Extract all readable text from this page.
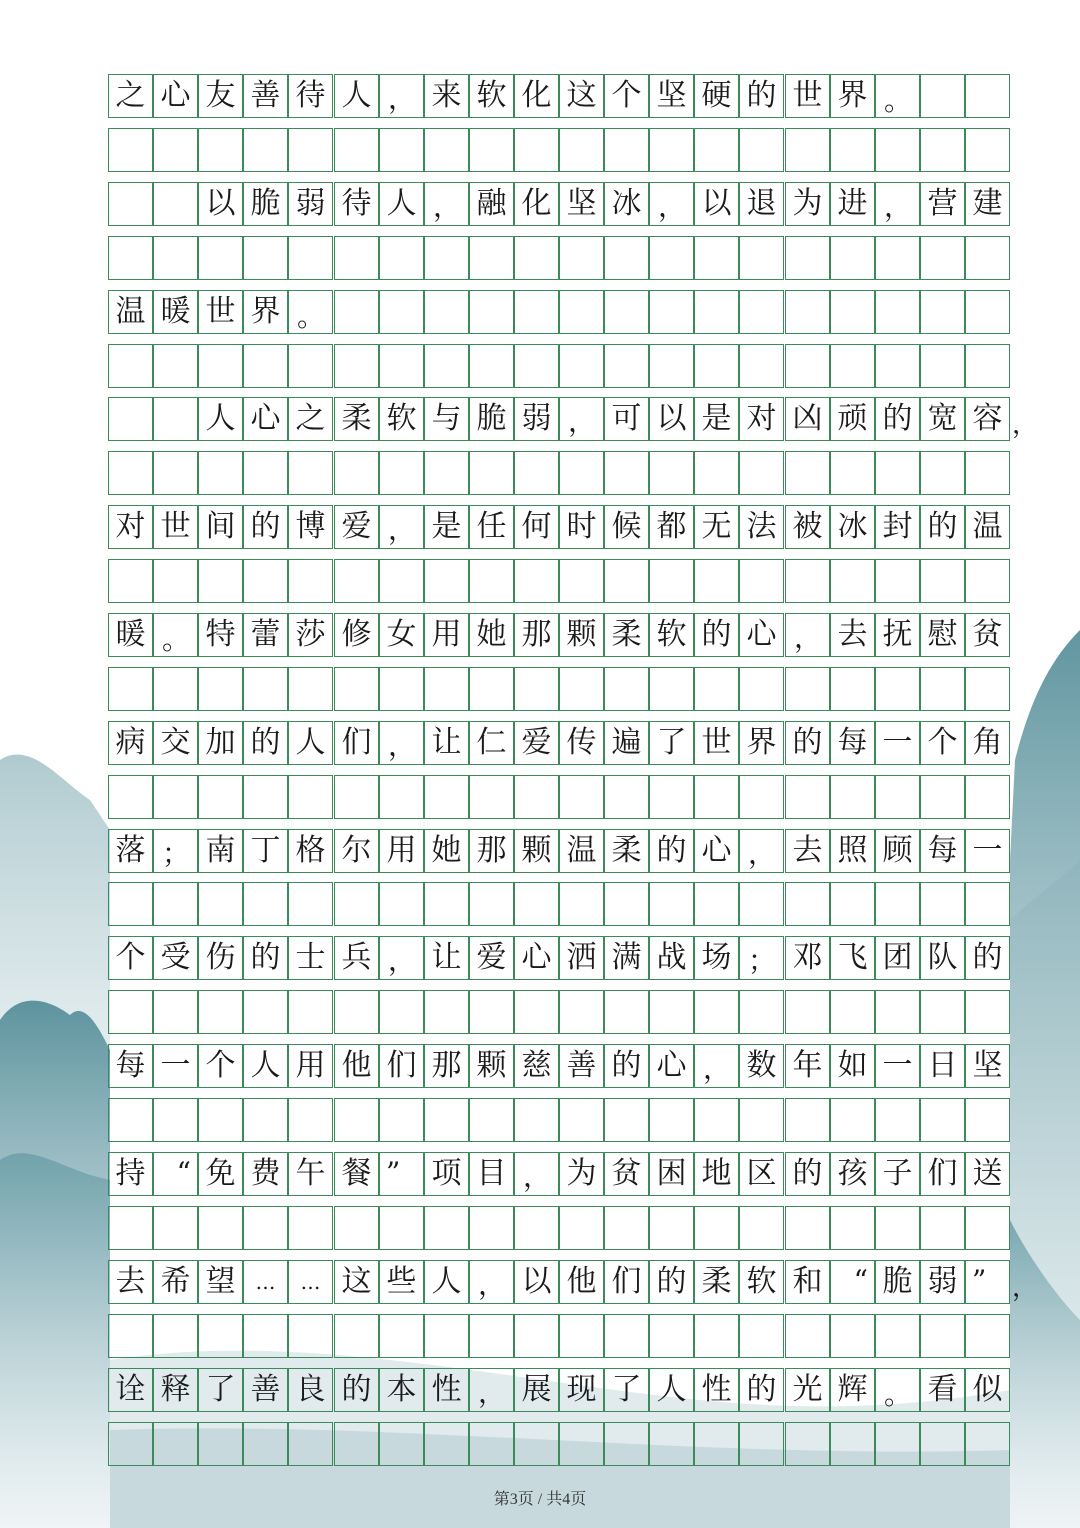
之 心 友 善 待 人 ， 来 软 化 这 个 坚 硬 的 世 界 。
以 脆 弱 待 人 ， 融 化 坚 冰 ， 以 退 为 进 ， 营 建
温 暖 世 界 。
人 心 之 柔 软 与 脆 弱 ， 可 以 是 对 凶 顽 的 宽 容 ，
对 世 间 的 博 爱 ， 是 任 何 时 候 都 无 法 被 冰 封 的 温
暖 。 特 蕾 莎 修 女 用 她 那 颗 柔 软 的 心 ， 去 抚 慰 贫
病 交 加 的 人 们 ， 让 仁 爱 传 遍 了 世 界 的 每 一 个 角
落 ； 南 丁 格 尔 用 她 那 颗 温 柔 的 心 ， 去 照 顾 每 一
个 受 伤 的 士 兵 ， 让 爱 心 洒 满 战 场 ； 邓 飞 团 队 的
每 一 个 人 用 他 们 那 颗 慈 善 的 心 ， 数 年 如 一 日 坚
持	“ 免 费 午 餐 ”	项 目 ， 为 贫 困 地 区 的 孩 子 们 送
去 希 望	…	… 这 些 人 ， 以 他 们 的 柔 软 和	“ 脆 弱 ” ，
诠 释 了 善 良 的 本 性 ， 展 现 了 人 性 的 光 辉 。 看 似
第3页 / 共4页
